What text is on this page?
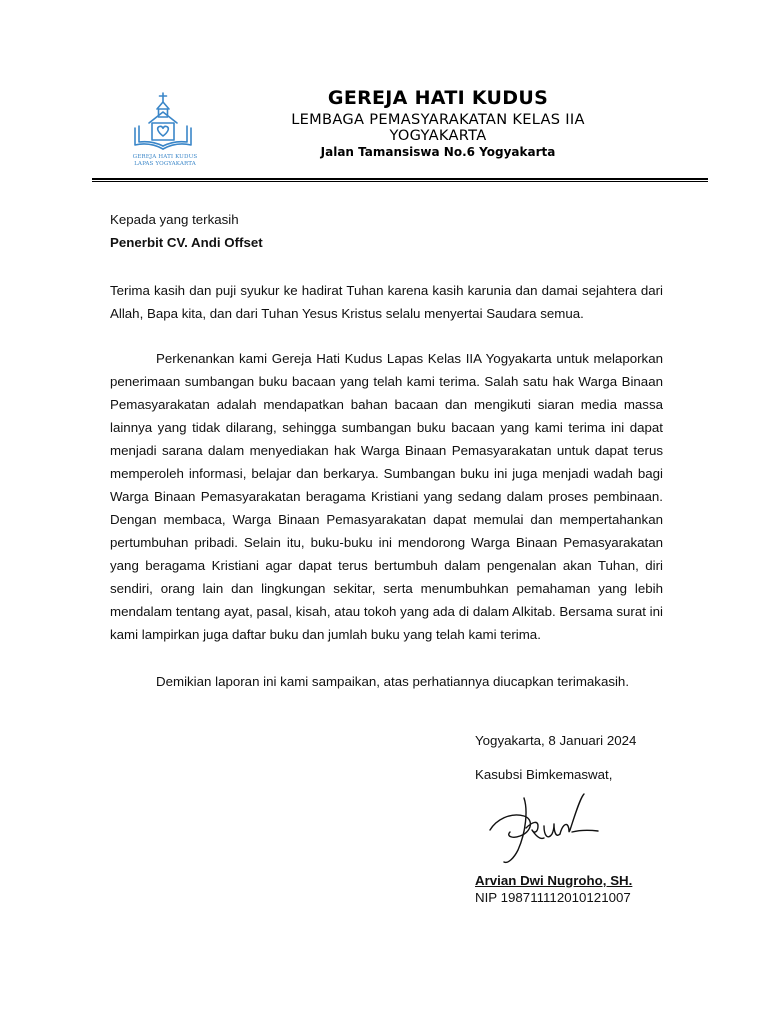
GEREJA HATI KUDUS
LAPAS YOGYAKARTA
GEREJA HATI KUDUS
LEMBAGA PEMASYARAKATAN KELAS IIA
YOGYAKARTA
Jalan Tamansiswa No.6 Yogyakarta
Kepada yang terkasih
Penerbit CV. Andi Offset
Terima kasih dan puji syukur ke hadirat Tuhan karena kasih karunia dan damai sejahtera dari Allah, Bapa kita, dan dari Tuhan Yesus Kristus selalu menyertai Saudara semua.
Perkenankan kami Gereja Hati Kudus Lapas Kelas IIA Yogyakarta untuk melaporkan penerimaan sumbangan buku bacaan yang telah kami terima. Salah satu hak Warga Binaan Pemasyarakatan adalah mendapatkan bahan bacaan dan mengikuti siaran media massa lainnya yang tidak dilarang, sehingga sumbangan buku bacaan yang kami terima ini dapat menjadi sarana dalam menyediakan hak Warga Binaan Pemasyarakatan untuk dapat terus memperoleh informasi, belajar dan berkarya. Sumbangan buku ini juga menjadi wadah bagi Warga Binaan Pemasyarakatan beragama Kristiani yang sedang dalam proses pembinaan. Dengan membaca, Warga Binaan Pemasyarakatan dapat memulai dan mempertahankan pertumbuhan pribadi. Selain itu, buku-buku ini mendorong Warga Binaan Pemasyarakatan yang beragama Kristiani agar dapat terus bertumbuh dalam pengenalan akan Tuhan, diri sendiri, orang lain dan lingkungan sekitar, serta menumbuhkan pemahaman yang lebih mendalam tentang ayat, pasal, kisah, atau tokoh yang ada di dalam Alkitab. Bersama surat ini kami lampirkan juga daftar buku dan jumlah buku yang telah kami terima.
Demikian laporan ini kami sampaikan, atas perhatiannya diucapkan terimakasih.
Yogyakarta, 8 Januari 2024
Kasubsi Bimkemaswat,
Arvian Dwi Nugroho, SH.
NIP 198711112010121007
